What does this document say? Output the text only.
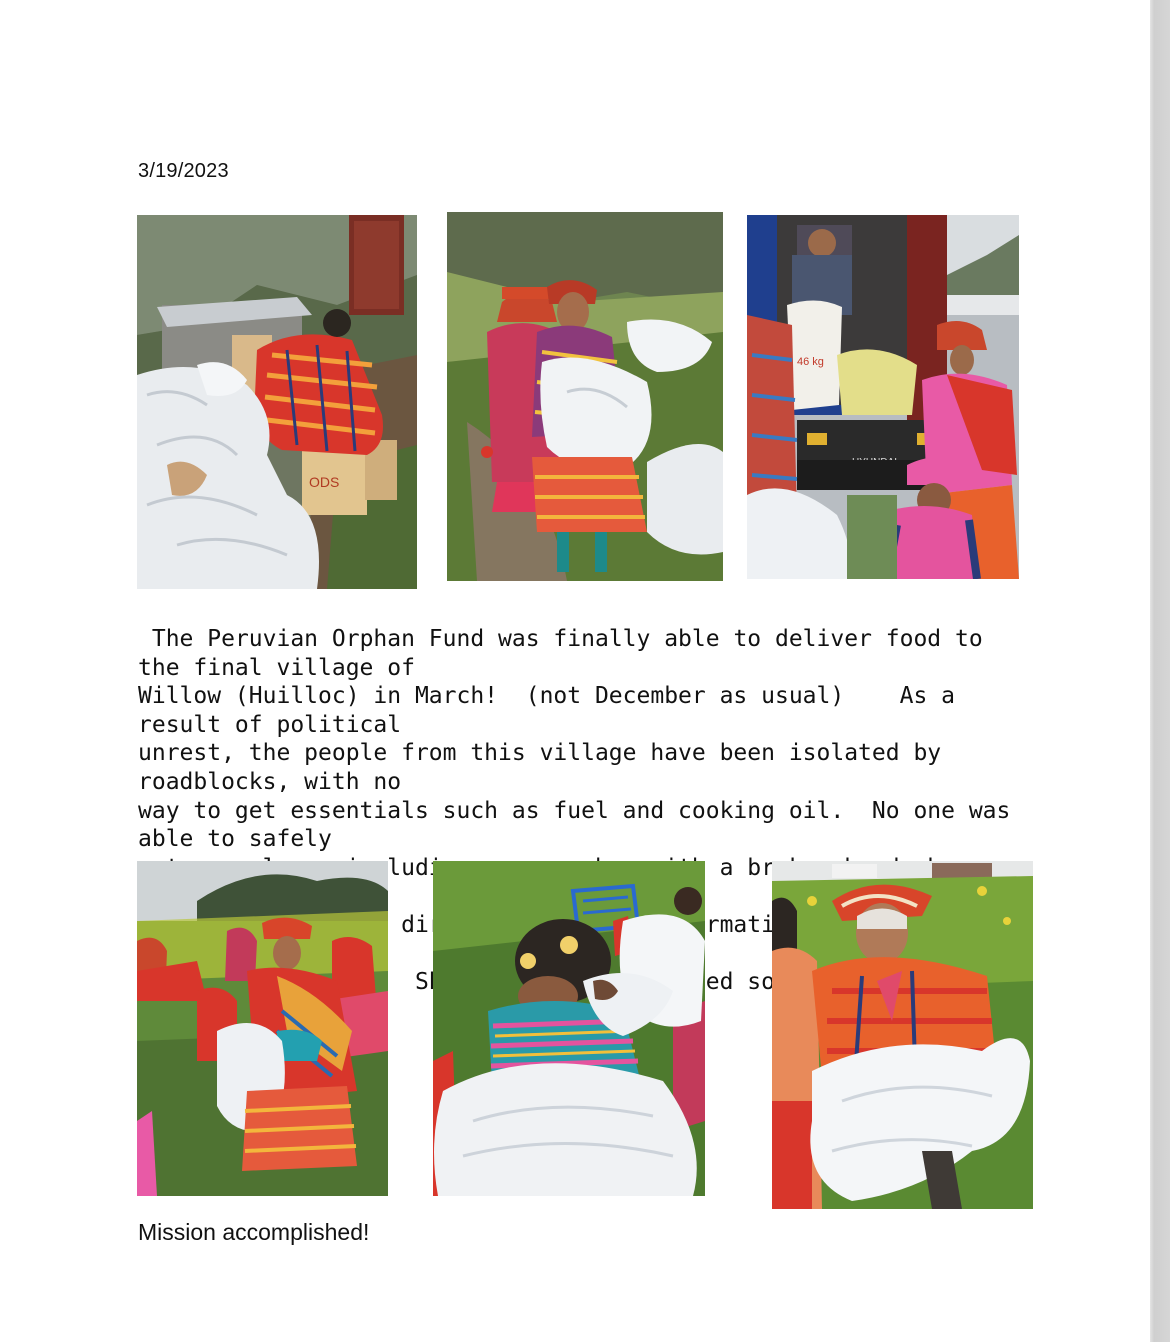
3/19/2023
ODS
46 kg
The Peruvian Orphan Fund was finally able to deliver food to the final village of
Willow (Huilloc) in March!  (not December as usual)    As a result of political
unrest, the people from this village have been isolated by roadblocks, with no
way to get essentials such as fuel and cooking oil.  No one was able to safely
including     a
information
so
Mission accomplished!
